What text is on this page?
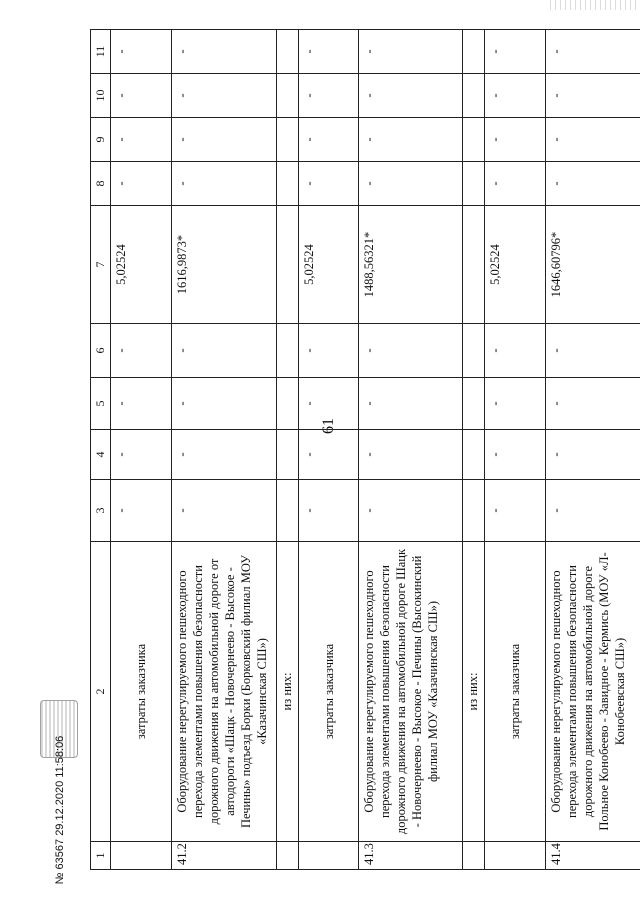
61
1	2	3	4	5	6	7	8	9	10	11
	затраты заказчика	-	-	-	-	5,02524	-	-	-	-
41.2	Оборудование нерегулируемого пешеходного перехода элементами повышения безопасности дорожного движения на автомобильной дороге от автодороги «Шацк - Новочернеево - Высокое - Печины» подъезд Борки (Борковский филиал МОУ «Казачинская СШ»)	-	-	-	-	1616,9873*	-	-	-	-
	из них:									
	затраты заказчика	-	-	-	-	5,02524	-	-	-	-
41.3	Оборудование нерегулируемого пешеходного перехода элементами повышения безопасности дорожного движения на автомобильной дороге Шацк - Новочернеево - Высокое - Печины (Высокинский филиал МОУ «Казачинская СШ»)	-	-	-	-	1488,56321*	-	-	-	-
	из них:									
	затраты заказчика	-	-	-	-	5,02524	-	-	-	-
41.4	Оборудование нерегулируемого пешеходного перехода элементами повышения безопасности дорожного движения на автомобильной дороге Польное Конобеево - Завидное - Кермись (МОУ «Л-Конобеевская СШ»)	-	-	-	-	1646,60796*	-	-	-	-
№ 63567 29.12.2020 11:58:06
